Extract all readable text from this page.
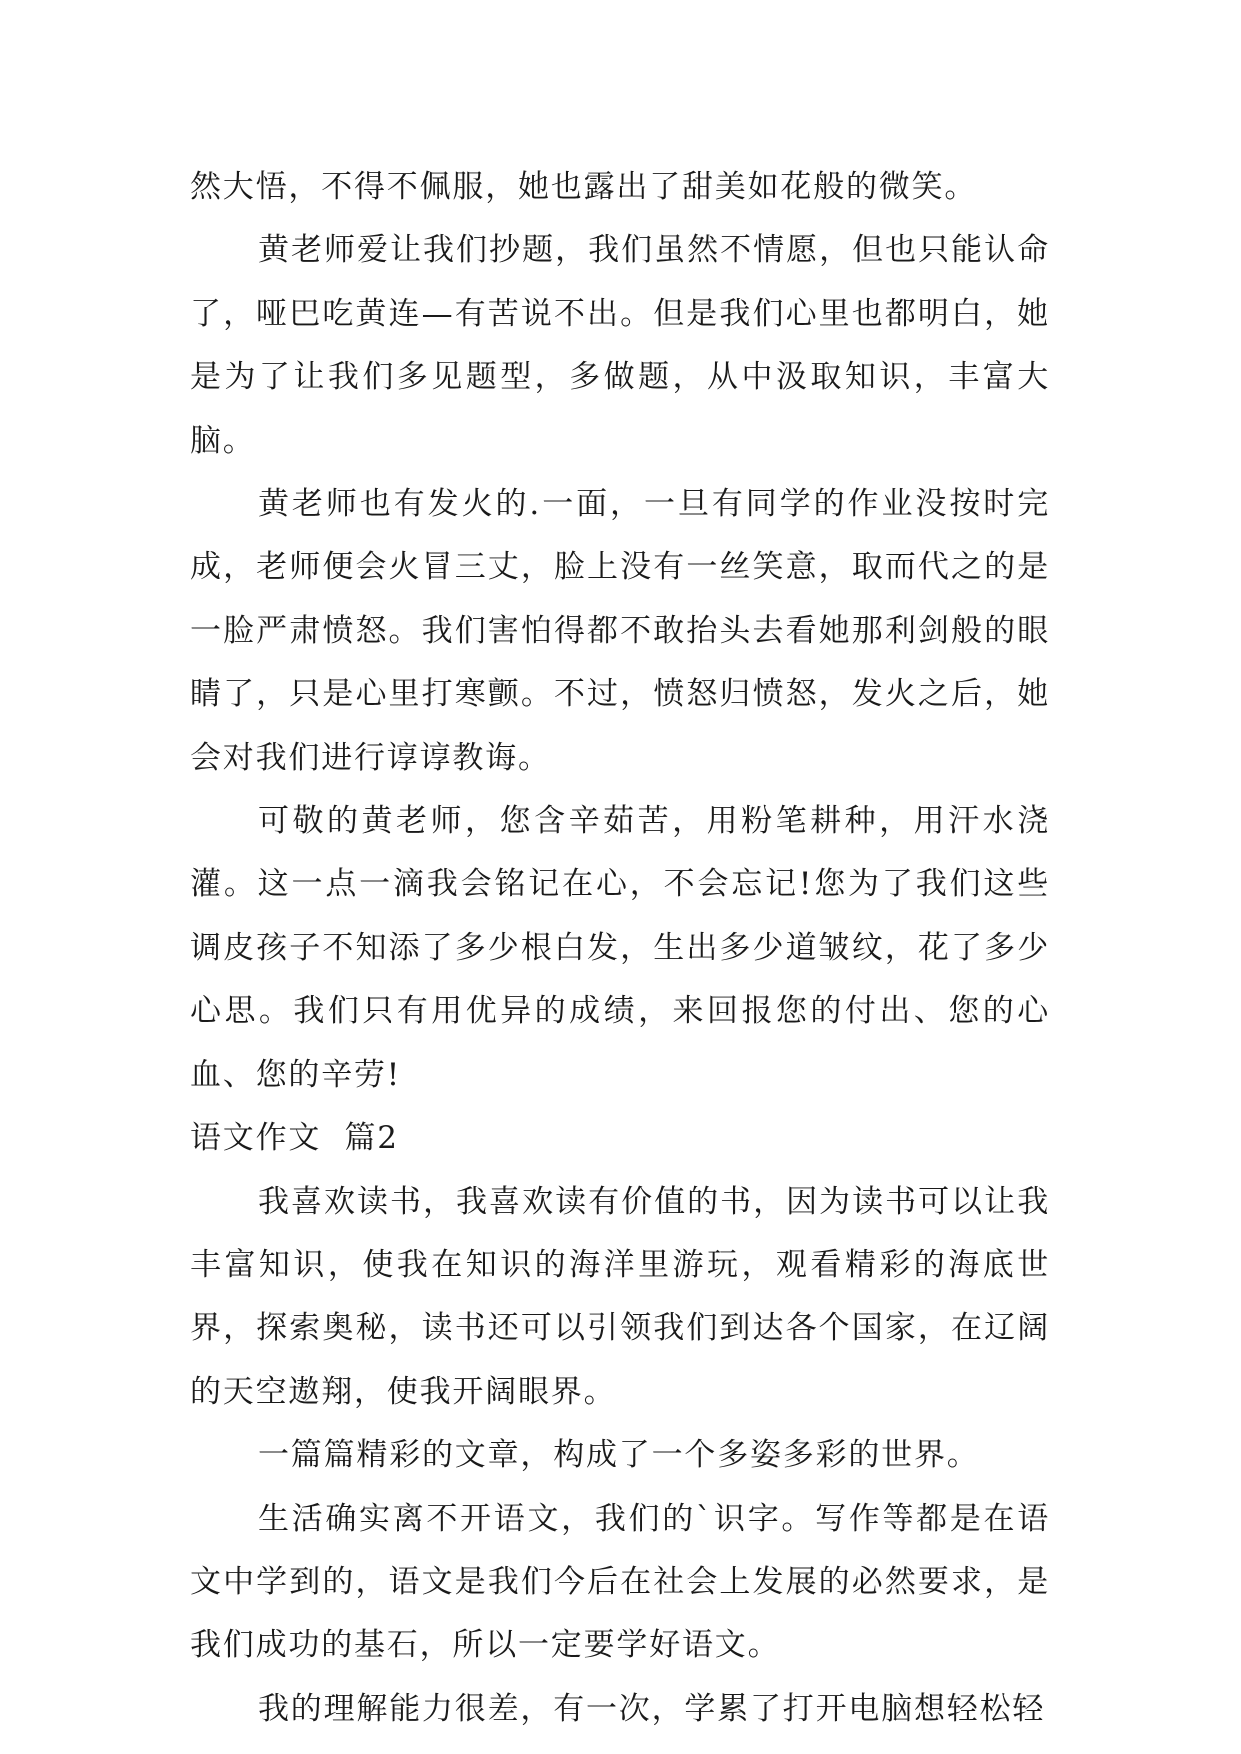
然大悟，不得不佩服，她也露出了甜美如花般的微笑。

黄老师爱让我们抄题，我们虽然不情愿，但也只能认命了，哑巴吃黄连—有苦说不出。但是我们心里也都明白，她是为了让我们多见题型，多做题，从中汲取知识，丰富大脑。

黄老师也有发火的.一面，一旦有同学的作业没按时完成，老师便会火冒三丈，脸上没有一丝笑意，取而代之的是一脸严肃愤怒。我们害怕得都不敢抬头去看她那利剑般的眼睛了，只是心里打寒颤。不过，愤怒归愤怒，发火之后，她会对我们进行谆谆教诲。

可敬的黄老师，您含辛茹苦，用粉笔耕种，用汗水浇灌。这一点一滴我会铭记在心，不会忘记!您为了我们这些调皮孩子不知添了多少根白发，生出多少道皱纹，花了多少心思。我们只有用优异的成绩，来回报您的付出、您的心血、您的辛劳!

语文作文  篇2

我喜欢读书，我喜欢读有价值的书，因为读书可以让我丰富知识，使我在知识的海洋里游玩，观看精彩的海底世界，探索奥秘，读书还可以引领我们到达各个国家，在辽阔的天空遨翔，使我开阔眼界。

一篇篇精彩的文章，构成了一个多姿多彩的世界。

生活确实离不开语文，我们的`识字。写作等都是在语文中学到的，语文是我们今后在社会上发展的必然要求，是我们成功的基石，所以一定要学好语文。

我的理解能力很差，有一次，学累了打开电脑想轻松轻
